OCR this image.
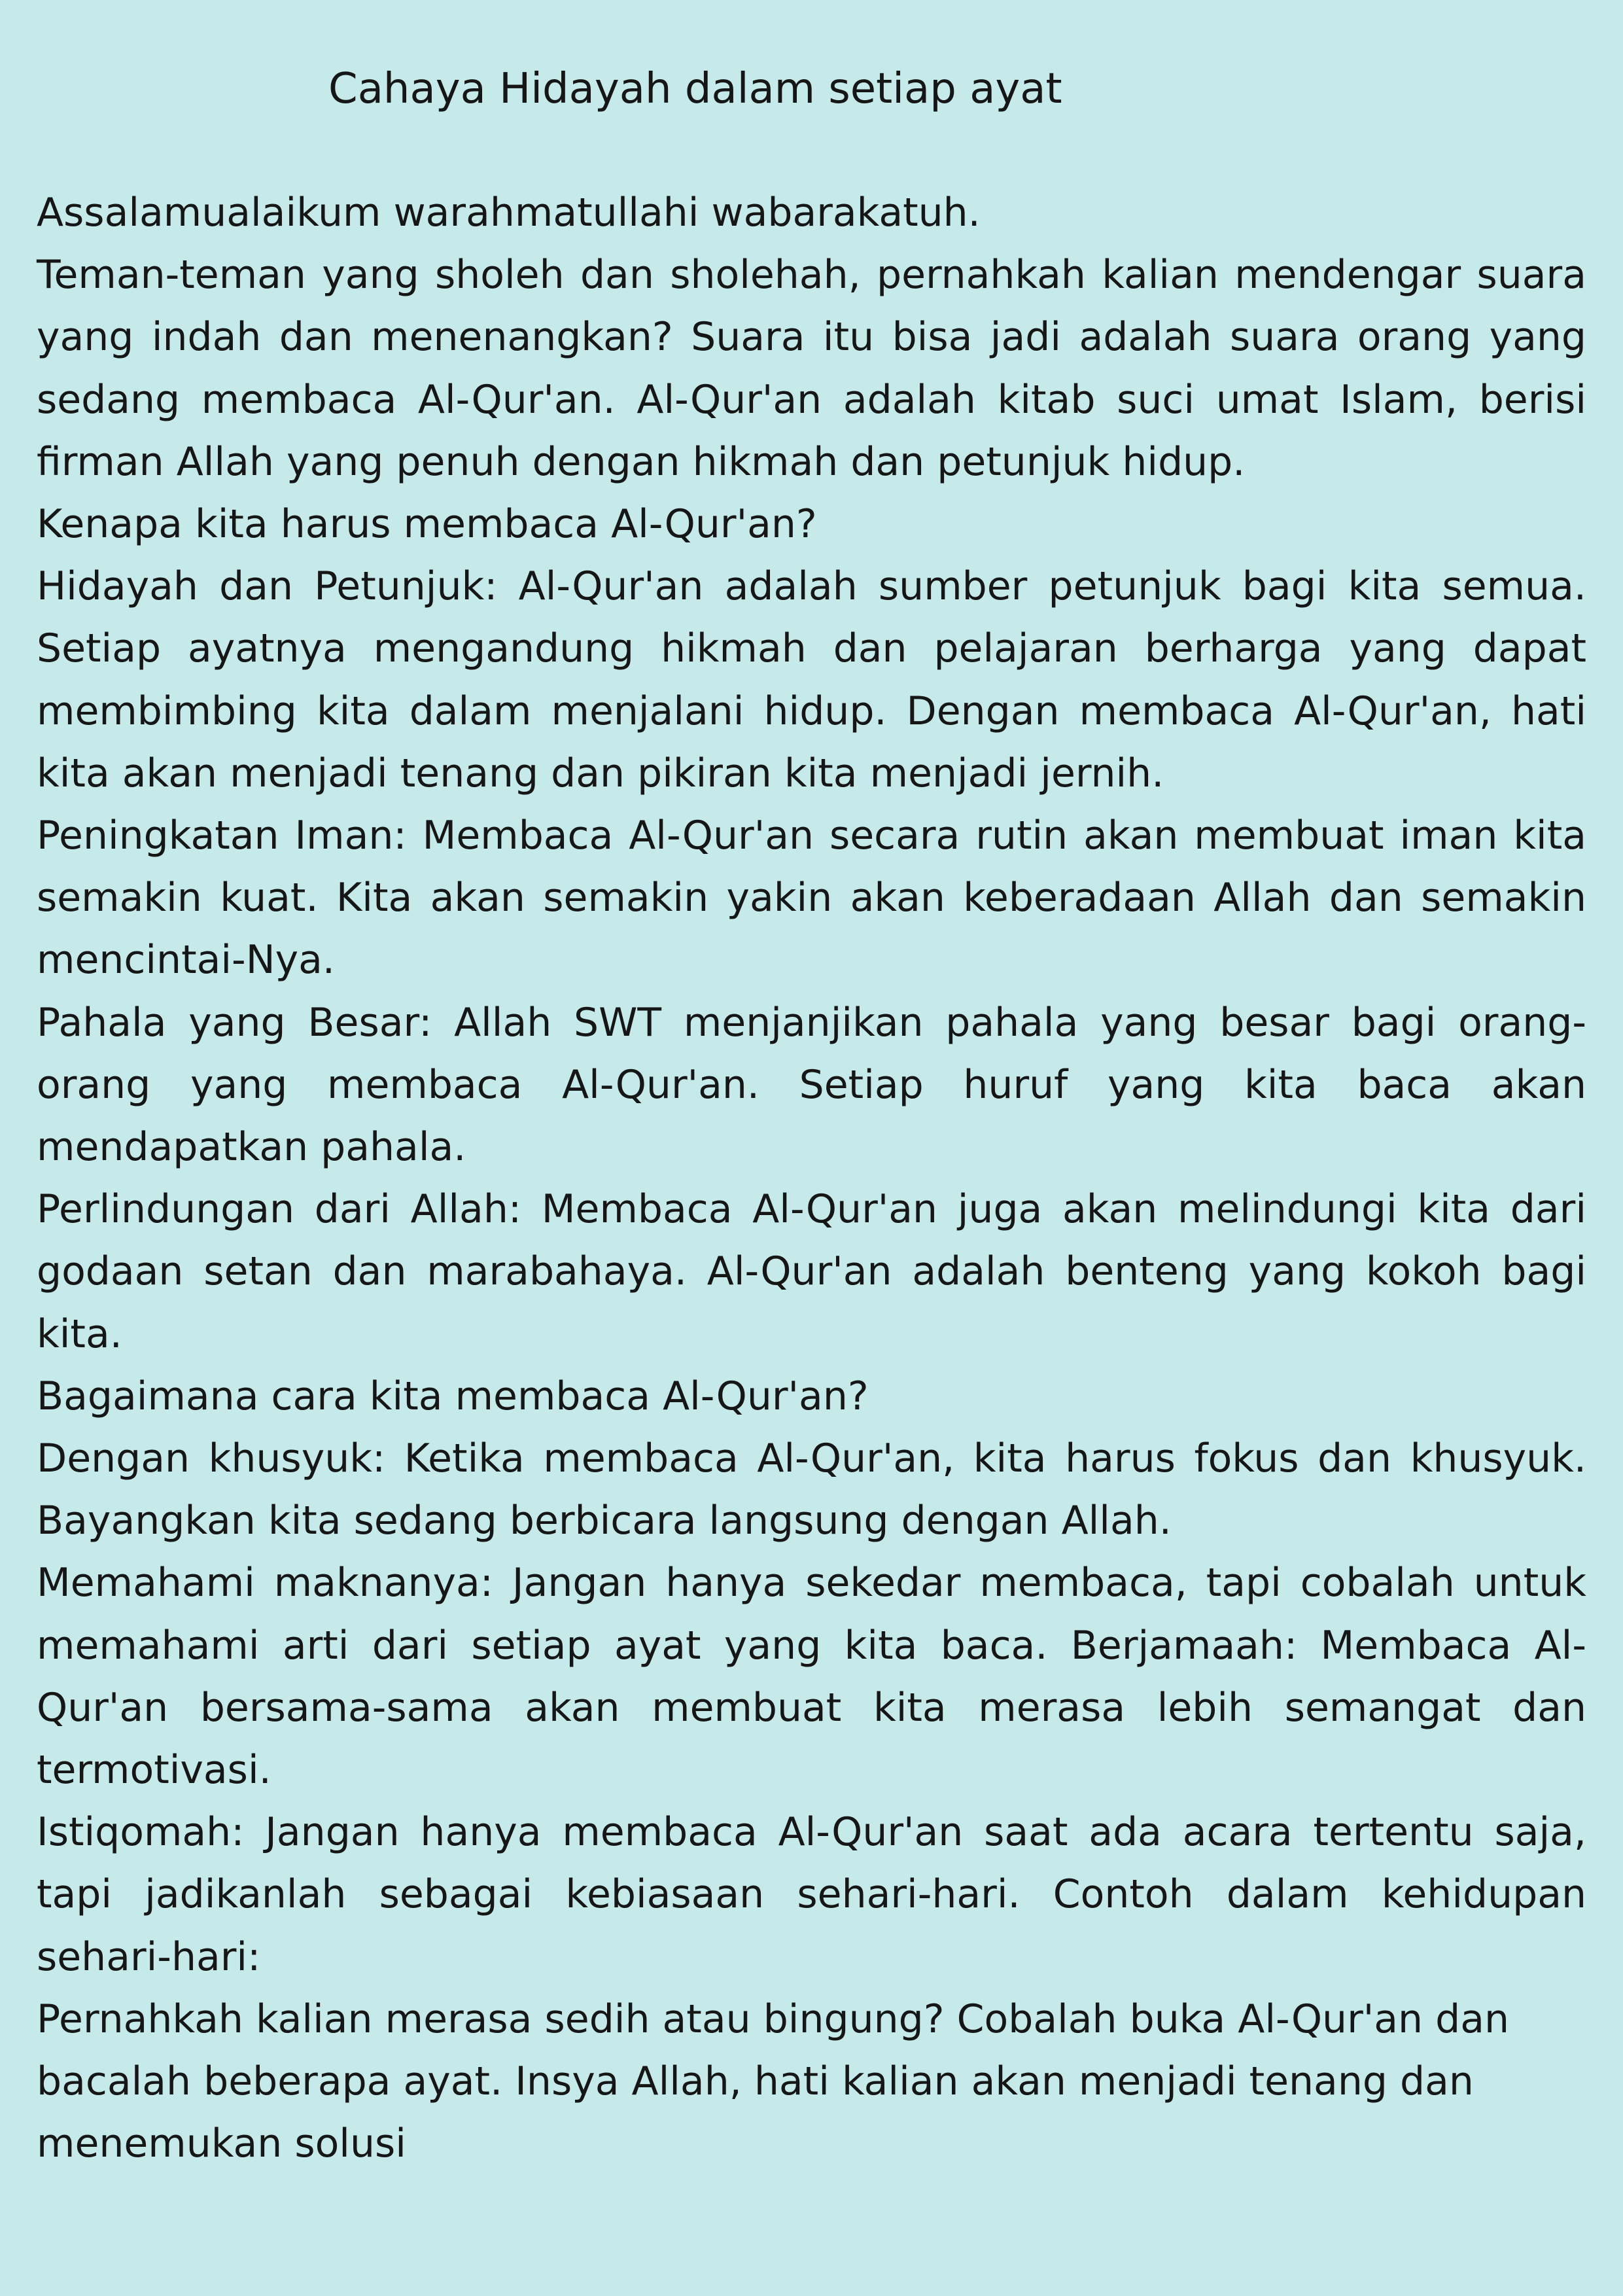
Cahaya Hidayah dalam setiap ayat

Assalamualaikum warahmatullahi wabarakatuh.

Teman-teman yang sholeh dan sholehah, pernahkah kalian mendengar suara yang indah dan menenangkan? Suara itu bisa jadi adalah suara orang yang sedang membaca Al-Qur'an. Al-Qur'an adalah kitab suci umat Islam, berisi firman Allah yang penuh dengan hikmah dan petunjuk hidup.

Kenapa kita harus membaca Al-Qur'an?

Hidayah dan Petunjuk: Al-Qur'an adalah sumber petunjuk bagi kita semua. Setiap ayatnya mengandung hikmah dan pelajaran berharga yang dapat membimbing kita dalam menjalani hidup. Dengan membaca Al-Qur'an, hati kita akan menjadi tenang dan pikiran kita menjadi jernih.

Peningkatan Iman: Membaca Al-Qur'an secara rutin akan membuat iman kita semakin kuat. Kita akan semakin yakin akan keberadaan Allah dan semakin mencintai-Nya.

Pahala yang Besar: Allah SWT menjanjikan pahala yang besar bagi orang-orang yang membaca Al-Qur'an. Setiap huruf yang kita baca akan mendapatkan pahala.

Perlindungan dari Allah: Membaca Al-Qur'an juga akan melindungi kita dari godaan setan dan marabahaya. Al-Qur'an adalah benteng yang kokoh bagi kita.

Bagaimana cara kita membaca Al-Qur'an?

Dengan khusyuk: Ketika membaca Al-Qur'an, kita harus fokus dan khusyuk. Bayangkan kita sedang berbicara langsung dengan Allah.

Memahami maknanya: Jangan hanya sekedar membaca, tapi cobalah untuk memahami arti dari setiap ayat yang kita baca. Berjamaah: Membaca Al-Qur'an bersama-sama akan membuat kita merasa lebih semangat dan termotivasi.

Istiqomah: Jangan hanya membaca Al-Qur'an saat ada acara tertentu saja, tapi jadikanlah sebagai kebiasaan sehari-hari. Contoh dalam kehidupan sehari-hari:

Pernahkah kalian merasa sedih atau bingung? Cobalah buka Al-Qur'an dan bacalah beberapa ayat. Insya Allah, hati kalian akan menjadi tenang dan menemukan solusi
